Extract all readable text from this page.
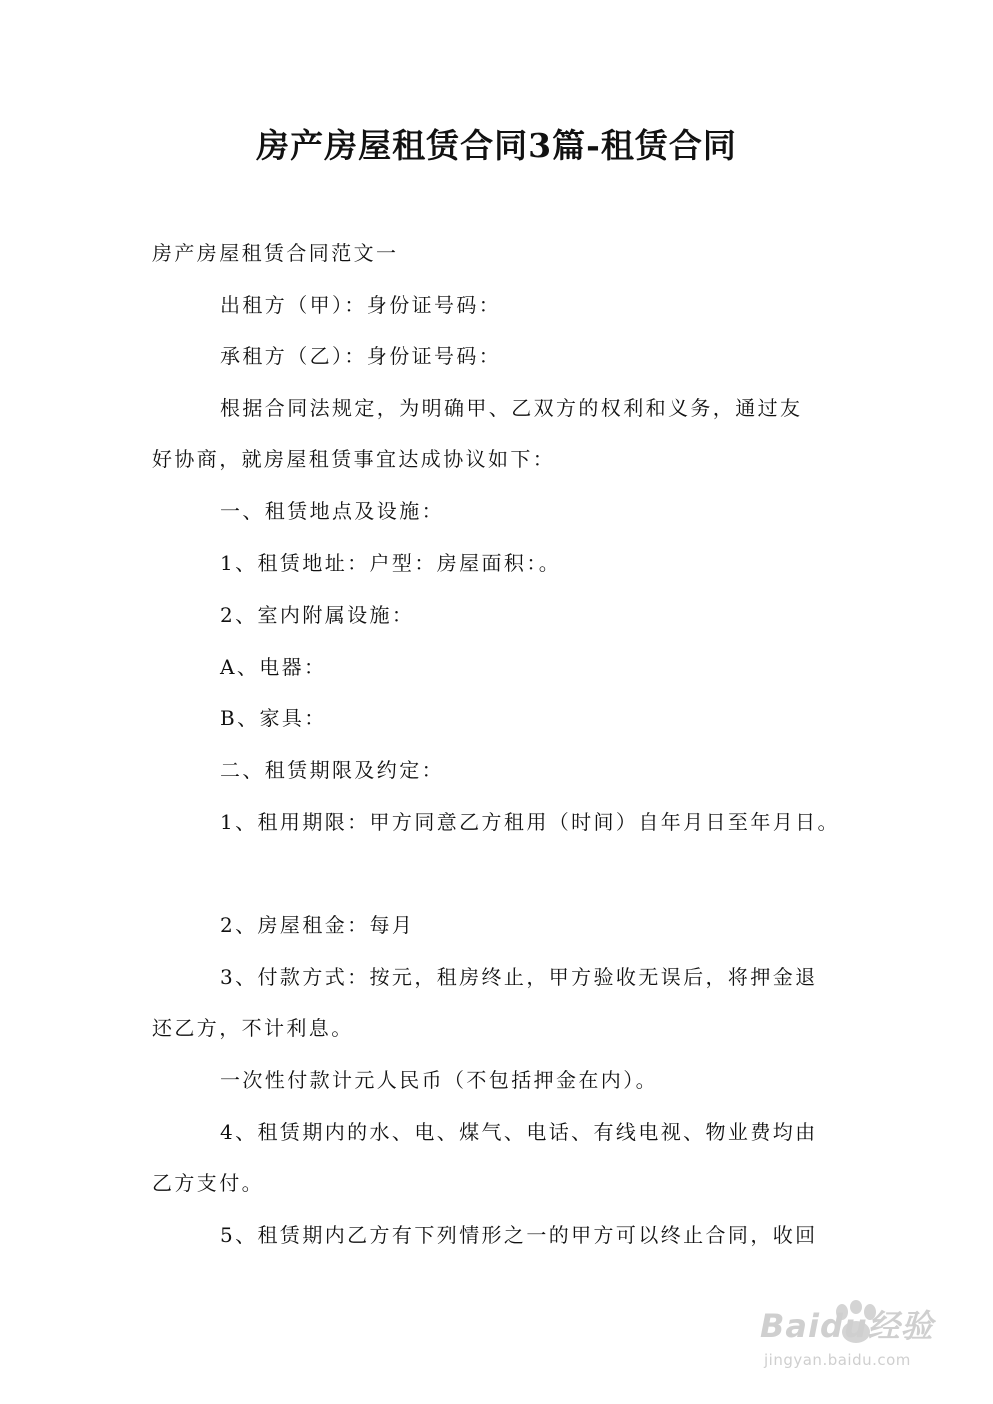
房产房屋租赁合同3篇-租赁合同

房产房屋租赁合同范文一

出租方（甲）：身份证号码：

承租方（乙）：身份证号码：

根据合同法规定，为明确甲、乙双方的权利和义务，通过友

好协商，就房屋租赁事宜达成协议如下：

一、租赁地点及设施：

1、租赁地址：户型：房屋面积：。

2、室内附属设施：

A、电器：

B、家具：

二、租赁期限及约定：

1、租用期限：甲方同意乙方租用（时间）自年月日至年月日。

2、房屋租金：每月

3、付款方式：按元，租房终止，甲方验收无误后，将押金退

还乙方，不计利息。

一次性付款计元人民币（不包括押金在内）。

4、租赁期内的水、电、煤气、电话、有线电视、物业费均由

乙方支付。

5、租赁期内乙方有下列情形之一的甲方可以终止合同，收回

Baidu经验
jingyan.baidu.com
